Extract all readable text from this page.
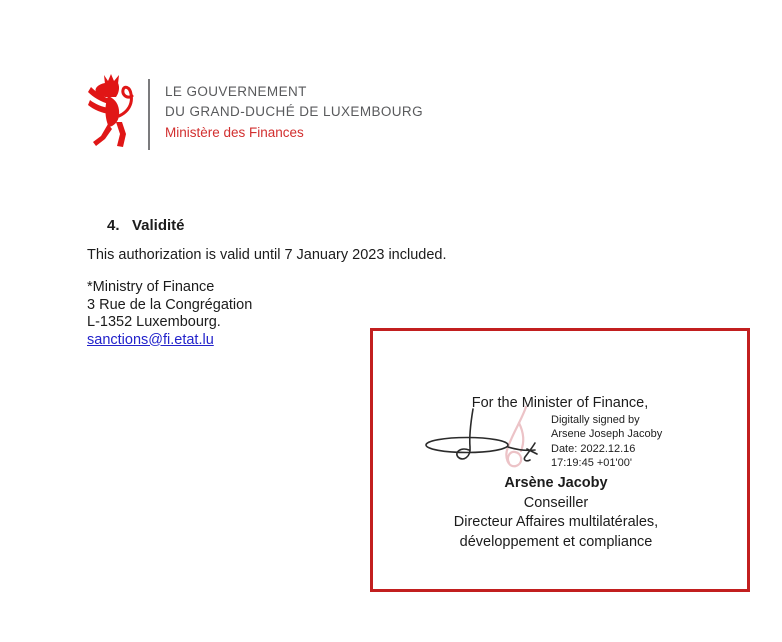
LE GOUVERNEMENT
DU GRAND-DUCHÉ DE LUXEMBOURG
Ministère des Finances
4. Validité

This authorization is valid until 7 January 2023 included.

*Ministry of Finance
3 Rue de la Congrégation
L-1352 Luxembourg.
sanctions@fi.etat.lu
For the Minister of Finance,
Digitally signed by
Arsene Joseph Jacoby
Date: 2022.12.16
17:19:45 +01'00'
Arsène Jacoby
Conseiller
Directeur Affaires multilatérales,
développement et compliance
